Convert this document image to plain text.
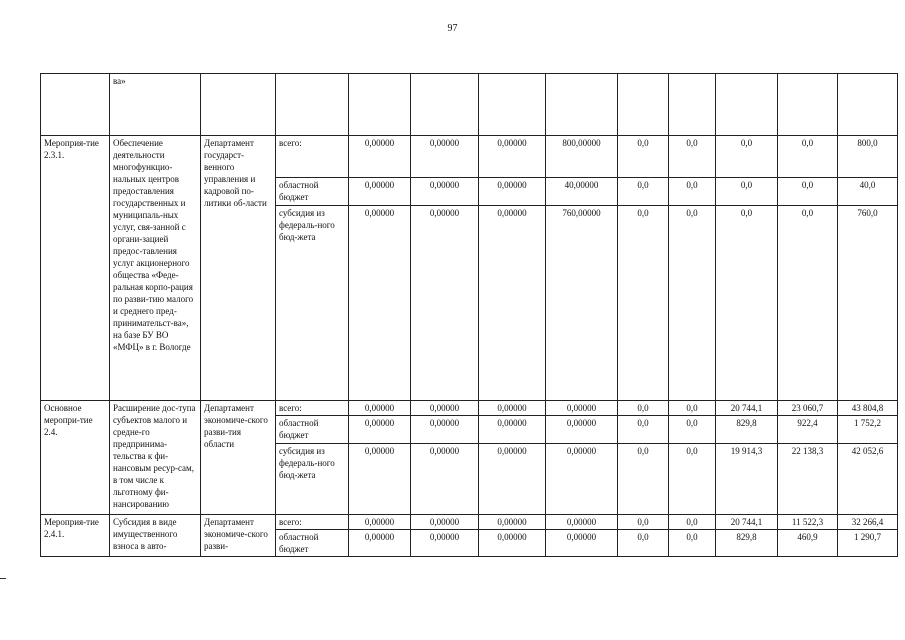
97
	ва»											
Мероприя-тие 2.3.1.	Обеспечение деятельности многофункцио-нальных центров предоставления государственных и муниципаль-ных услуг, свя-занной с органи-зацией предос-тавления услуг акционерного общества «Феде-ральная корпо-рация по разви-тию малого и среднего пред-принимательст-ва», на базе БУ ВО «МФЦ» в г. Вологде	Департамент государст-венного управления и кадровой по-литики об-ласти	всего:	0,00000	0,00000	0,00000	800,00000	0,0	0,0	0,0	0,0	800,0
			областной бюджет	0,00000	0,00000	0,00000	40,00000	0,0	0,0	0,0	0,0	40,0
			субсидия из федераль-ного бюд-жета	0,00000	0,00000	0,00000	760,00000	0,0	0,0	0,0	0,0	760,0
Основное меропри-тие 2.4.	Расширение дос-тупа субъектов малого и средне-го предпринима-тельства к фи-нансовым ресур-сам, в том числе к льготному фи-нансированию	Департамент экономиче-ского разви-тия области	всего:	0,00000	0,00000	0,00000	0,00000	0,0	0,0	20 744,1	23 060,7	43 804,8
			областной бюджет	0,00000	0,00000	0,00000	0,00000	0,0	0,0	829,8	922,4	1 752,2
			субсидия из федераль-ного бюд-жета	0,00000	0,00000	0,00000	0,00000	0,0	0,0	19 914,3	22 138,3	42 052,6
Мероприя-тие 2.4.1.	Субсидия в виде имущественного взноса в авто-	Департамент экономиче-ского разви-	всего:	0,00000	0,00000	0,00000	0,00000	0,0	0,0	20 744,1	11 522,3	32 266,4
			областной бюджет	0,00000	0,00000	0,00000	0,00000	0,0	0,0	829,8	460,9	1 290,7
